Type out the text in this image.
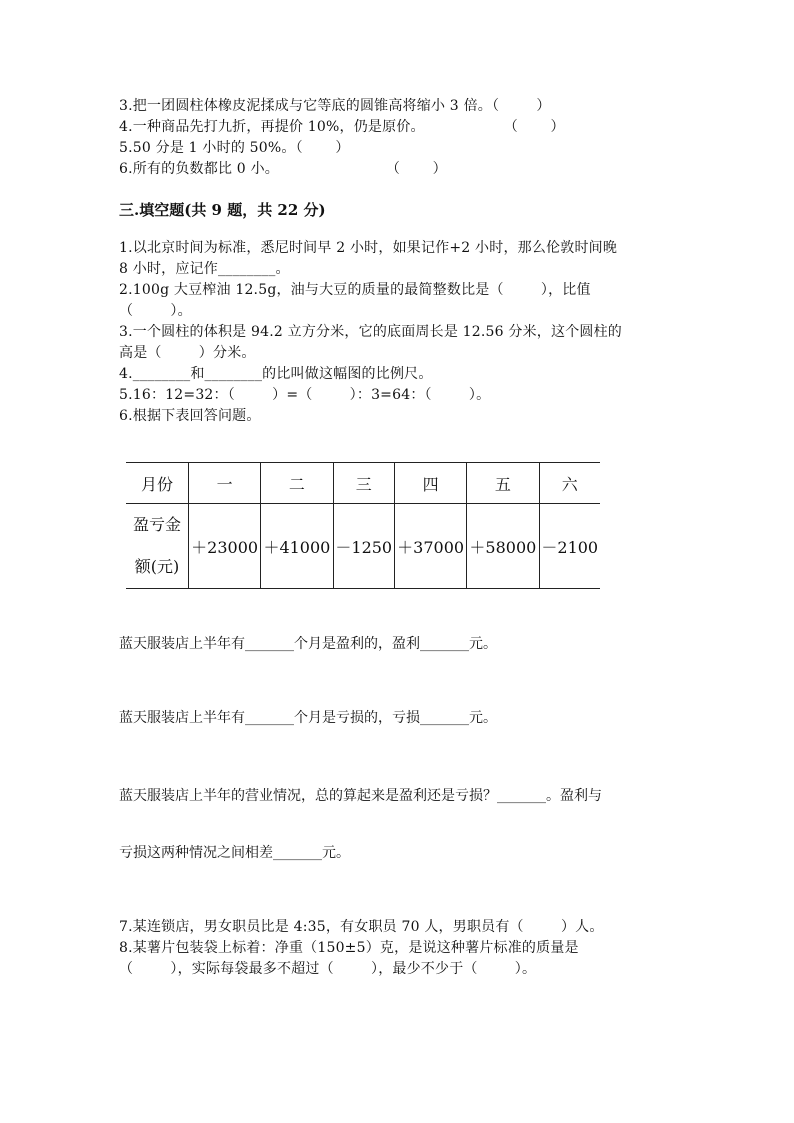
3.把一团圆柱体橡皮泥揉成与它等底的圆锥高将缩小 3 倍。（        ）
4.一种商品先打九折，再提价 10%，仍是原价。                 （       ）
5.50 分是 1 小时的 50%。（       ）
6.所有的负数都比 0 小。                       （       ）
三.填空题(共 9 题，共 22 分)
1.以北京时间为标准，悉尼时间早 2 小时，如果记作+2 小时，那么伦敦时间晚
8 小时，应记作________。
2.100g 大豆榨油 12.5g，油与大豆的质量的最简整数比是（        ），比值
（        ）。
3.一个圆柱的体积是 94.2 立方分米，它的底面周长是 12.56 分米，这个圆柱的
高是（        ）分米。
4.________和________的比叫做这幅图的比例尺。
5.16：12=32：（        ）=（        ）：3=64：（        ）。
6.根据下表回答问题。
月份	一	二	三	四	五	六

盈亏金
额(元)	＋23000	＋41000	－1250	＋37000	＋58000	－2100
蓝天服装店上半年有_______个月是盈利的，盈利_______元。
蓝天服装店上半年有_______个月是亏损的，亏损_______元。
蓝天服装店上半年的营业情况，总的算起来是盈利还是亏损？_______。盈利与
亏损这两种情况之间相差_______元。
7.某连锁店，男女职员比是 4:35，有女职员 70 人，男职员有（        ）人。
8.某薯片包装袋上标着：净重（150±5）克，是说这种薯片标准的质量是
（        ），实际每袋最多不超过（        ），最少不少于（        ）。
